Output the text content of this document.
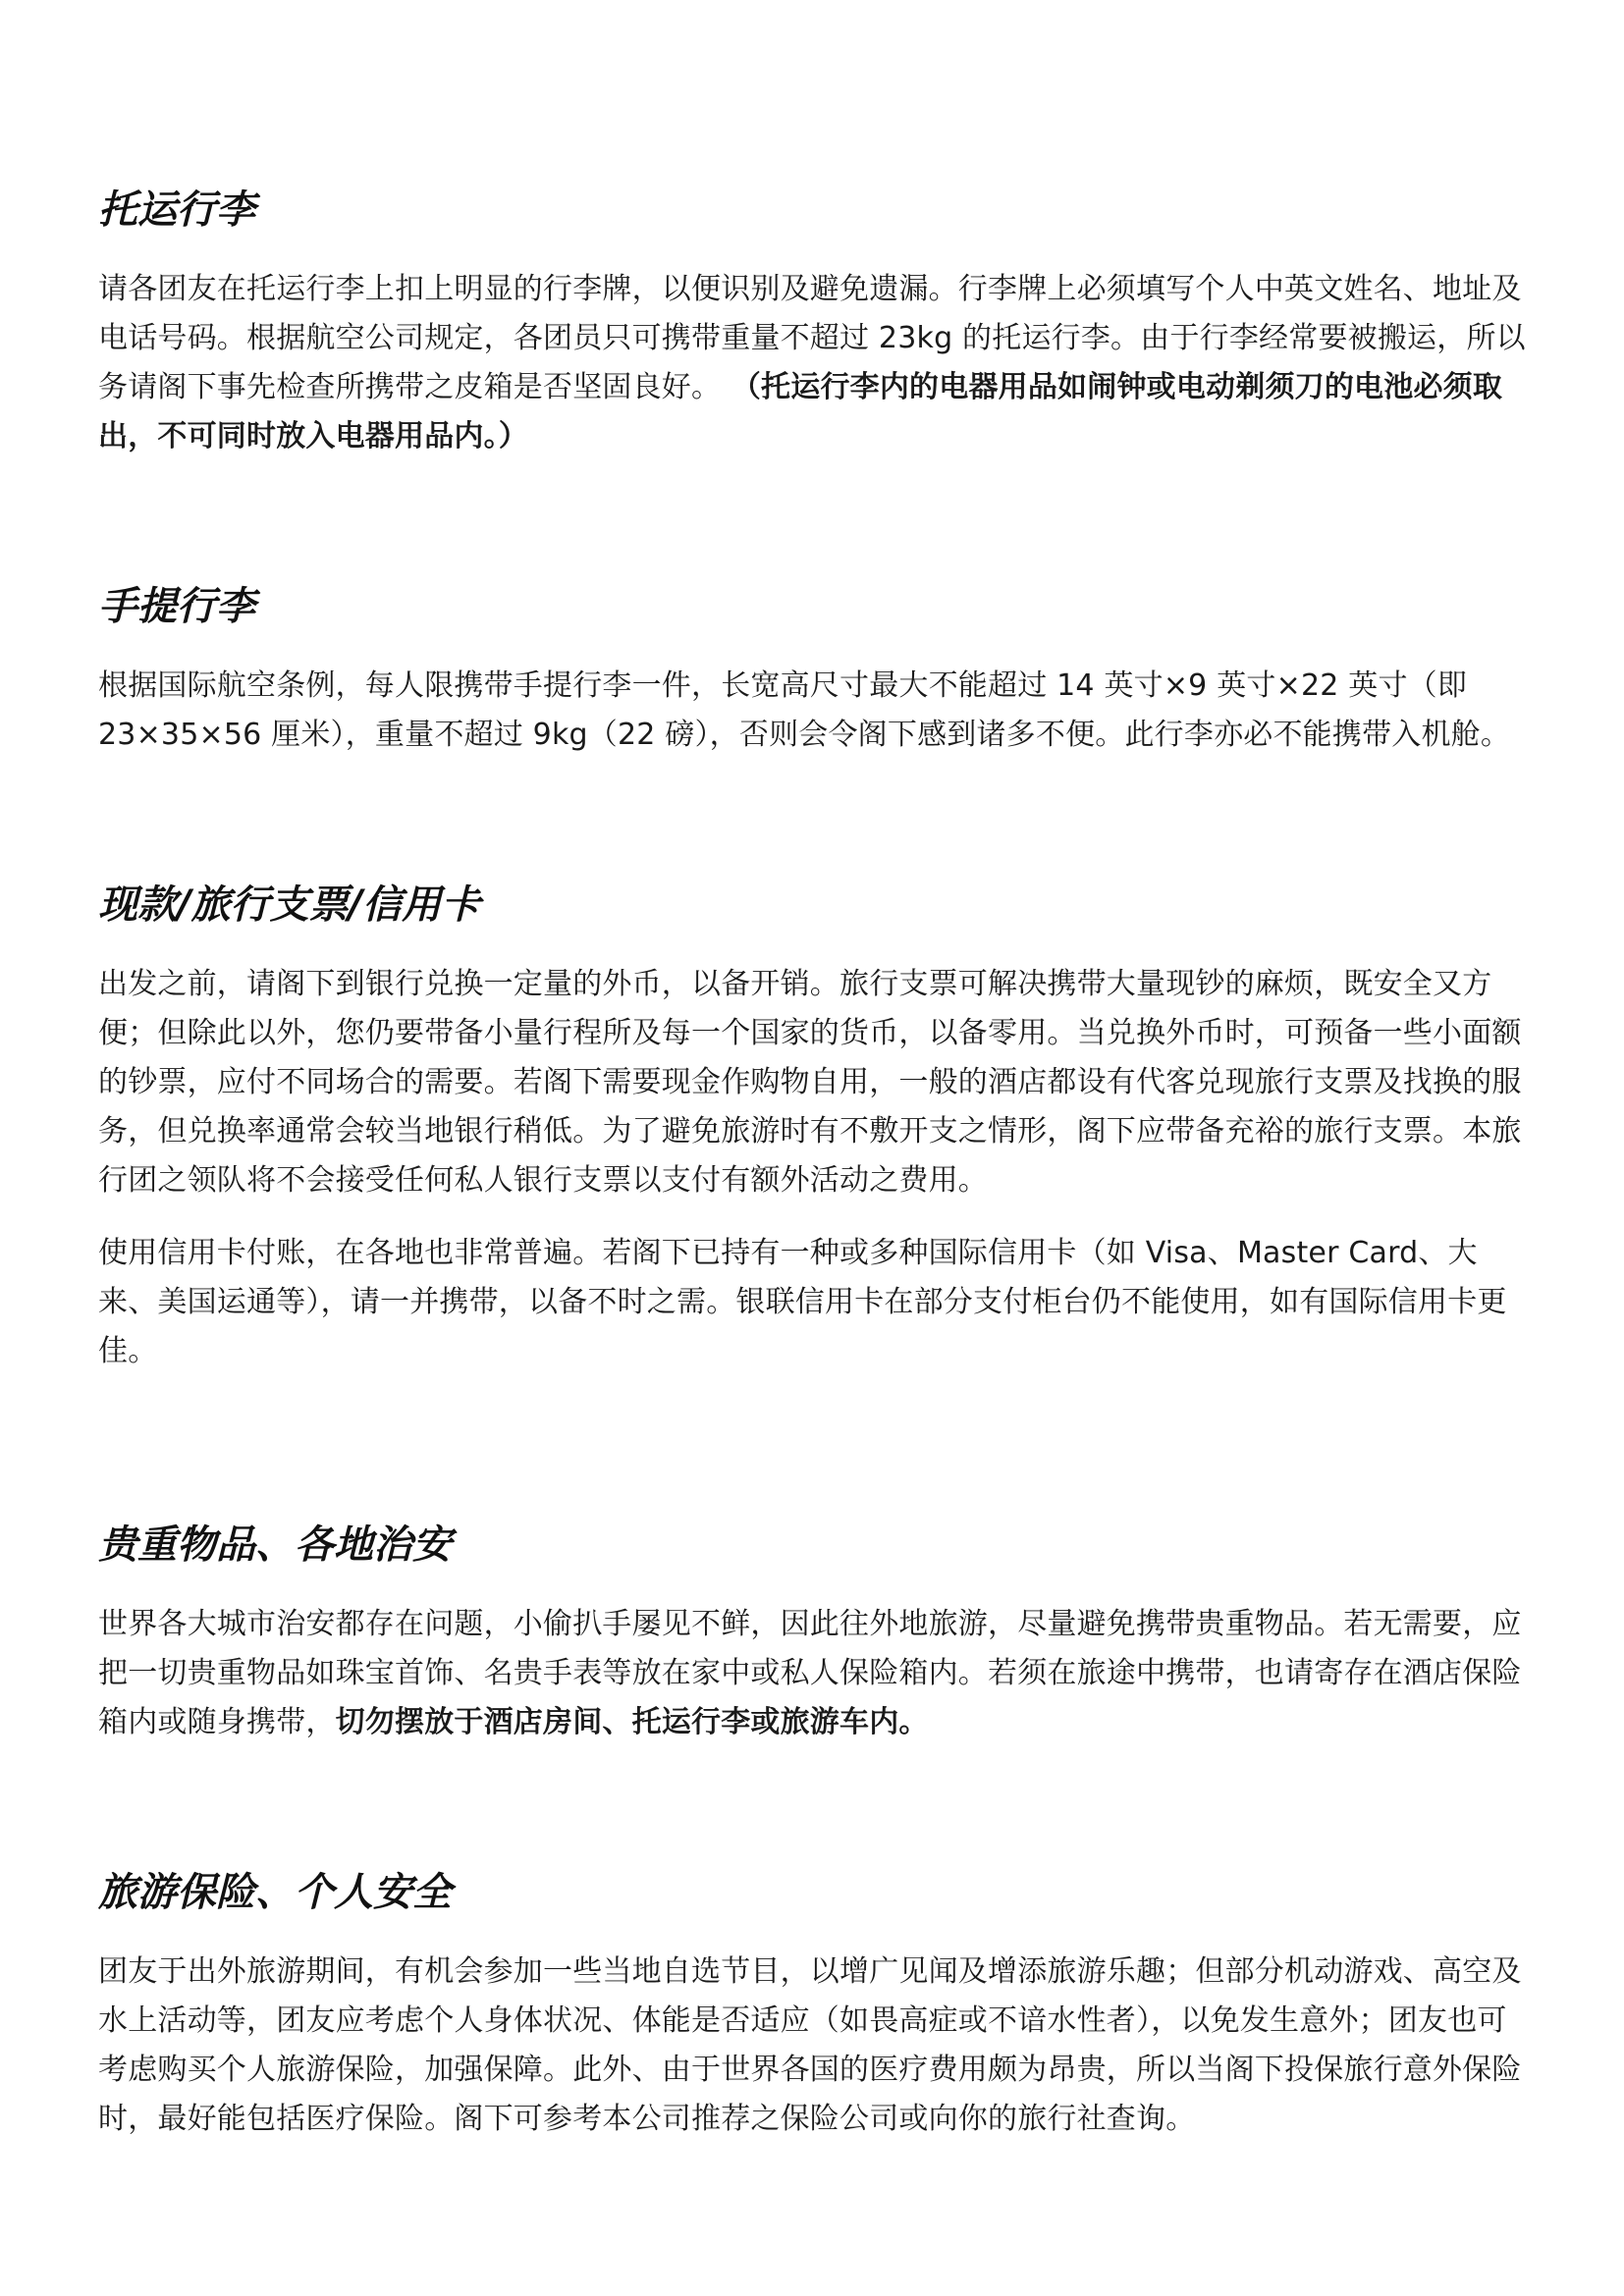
托运行李

请各团友在托运行李上扣上明显的行李牌，以便识别及避免遗漏。行李牌上必须填写个人中英文姓名、地址及电话号码。根据航空公司规定，各团员只可携带重量不超过 23kg 的托运行李。由于行李经常要被搬运，所以务请阁下事先检查所携带之皮箱是否坚固良好。 （托运行李内的电器用品如闹钟或电动剃须刀的电池必须取出，不可同时放入电器用品内。）

手提行李

根据国际航空条例，每人限携带手提行李一件，长宽高尺寸最大不能超过 14 英寸×9 英寸×22 英寸（即 23×35×56 厘米），重量不超过 9kg（22 磅），否则会令阁下感到诸多不便。此行李亦必不能携带入机舱。

现款/旅行支票/信用卡

出发之前，请阁下到银行兑换一定量的外币，以备开销。旅行支票可解决携带大量现钞的麻烦，既安全又方便；但除此以外，您仍要带备小量行程所及每一个国家的货币，以备零用。当兑换外币时，可预备一些小面额的钞票，应付不同场合的需要。若阁下需要现金作购物自用，一般的酒店都设有代客兑现旅行支票及找换的服务，但兑换率通常会较当地银行稍低。为了避免旅游时有不敷开支之情形，阁下应带备充裕的旅行支票。本旅行团之领队将不会接受任何私人银行支票以支付有额外活动之费用。

使用信用卡付账，在各地也非常普遍。若阁下已持有一种或多种国际信用卡（如 Visa、Master Card、大来、美国运通等），请一并携带，以备不时之需。银联信用卡在部分支付柜台仍不能使用，如有国际信用卡更佳。

贵重物品、各地治安

世界各大城市治安都存在问题，小偷扒手屡见不鲜，因此往外地旅游，尽量避免携带贵重物品。若无需要，应把一切贵重物品如珠宝首饰、名贵手表等放在家中或私人保险箱内。若须在旅途中携带，也请寄存在酒店保险箱内或随身携带，切勿摆放于酒店房间、托运行李或旅游车内。

旅游保险、个人安全

团友于出外旅游期间，有机会参加一些当地自选节目，以增广见闻及增添旅游乐趣；但部分机动游戏、高空及水上活动等，团友应考虑个人身体状况、体能是否适应（如畏高症或不谙水性者），以免发生意外；团友也可考虑购买个人旅游保险，加强保障。此外、由于世界各国的医疗费用颇为昂贵，所以当阁下投保旅行意外保险时，最好能包括医疗保险。阁下可参考本公司推荐之保险公司或向你的旅行社查询。
